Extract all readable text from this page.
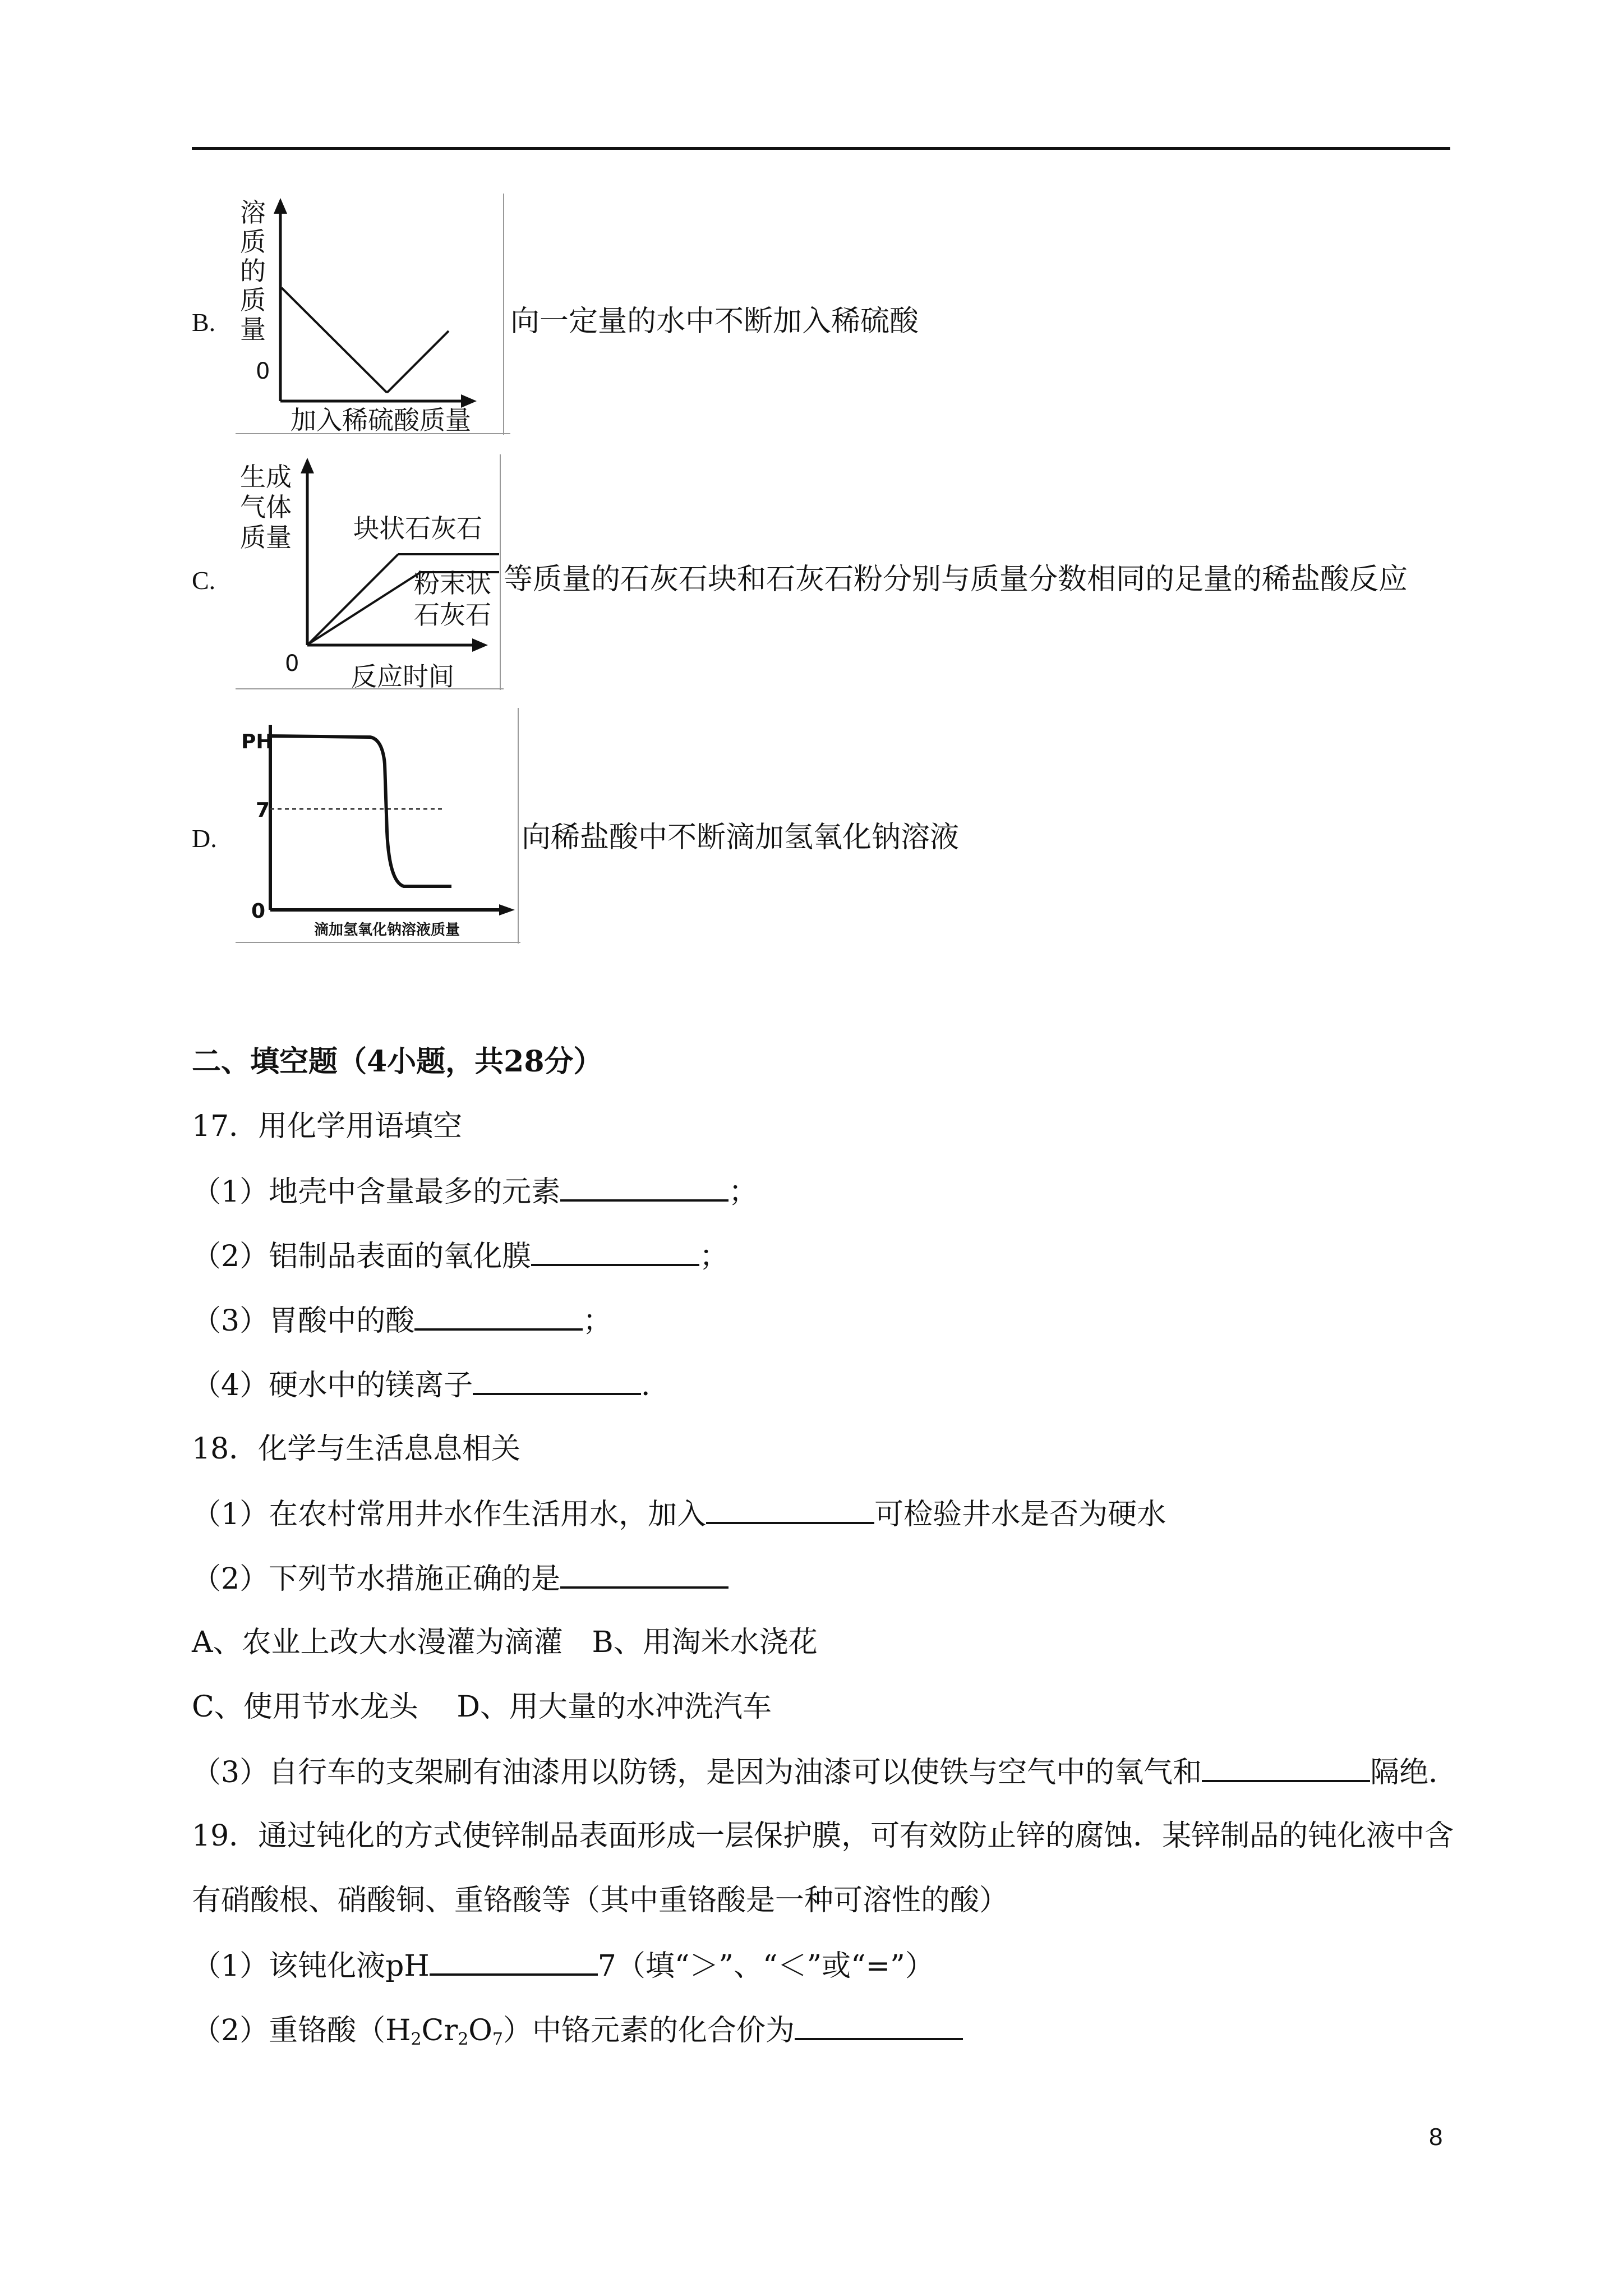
B.
溶
质
的
质
量
0
加入稀硫酸质量
向一定量的水中不断加入稀硫酸
C.
生成
气体
质量 块状石灰石
粉末状
石灰石
0 反应时间
等质量的石灰石块和石灰石粉分别与质量分数相同的足量的稀盐酸反应
D.
PH
7
0
滴加氢氧化钠溶液质量
向稀盐酸中不断滴加氢氧化钠溶液
二、填空题（4小题，共28分）
17．用化学用语填空
（1）地壳中含量最多的元素	；
（2）铝制品表面的氧化膜	；
（3）胃酸中的酸	；
（4）硬水中的镁离子	．
18．化学与生活息息相关
（1）在农村常用井水作生活用水，加入	可检验井水是否为硬水
（2）下列节水措施正确的是
A、农业上改大水漫灌为滴灌　B、用淘米水浇花
C、使用节水龙头　 D、用大量的水冲洗汽车
（3）自行车的支架刷有油漆用以防锈，是因为油漆可以使铁与空气中的氧气和	隔绝．
19．通过钝化的方式使锌制品表面形成一层保护膜，可有效防止锌的腐蚀．某锌制品的钝化液中含
有硝酸根、硝酸铜、重铬酸等（其中重铬酸是一种可溶性的酸）
（1）该钝化液pH	7（填“＞”、“＜”或“=”）
（2）重铬酸$(H_2Cr_2O_7)$中铬元素的化合价为
8
